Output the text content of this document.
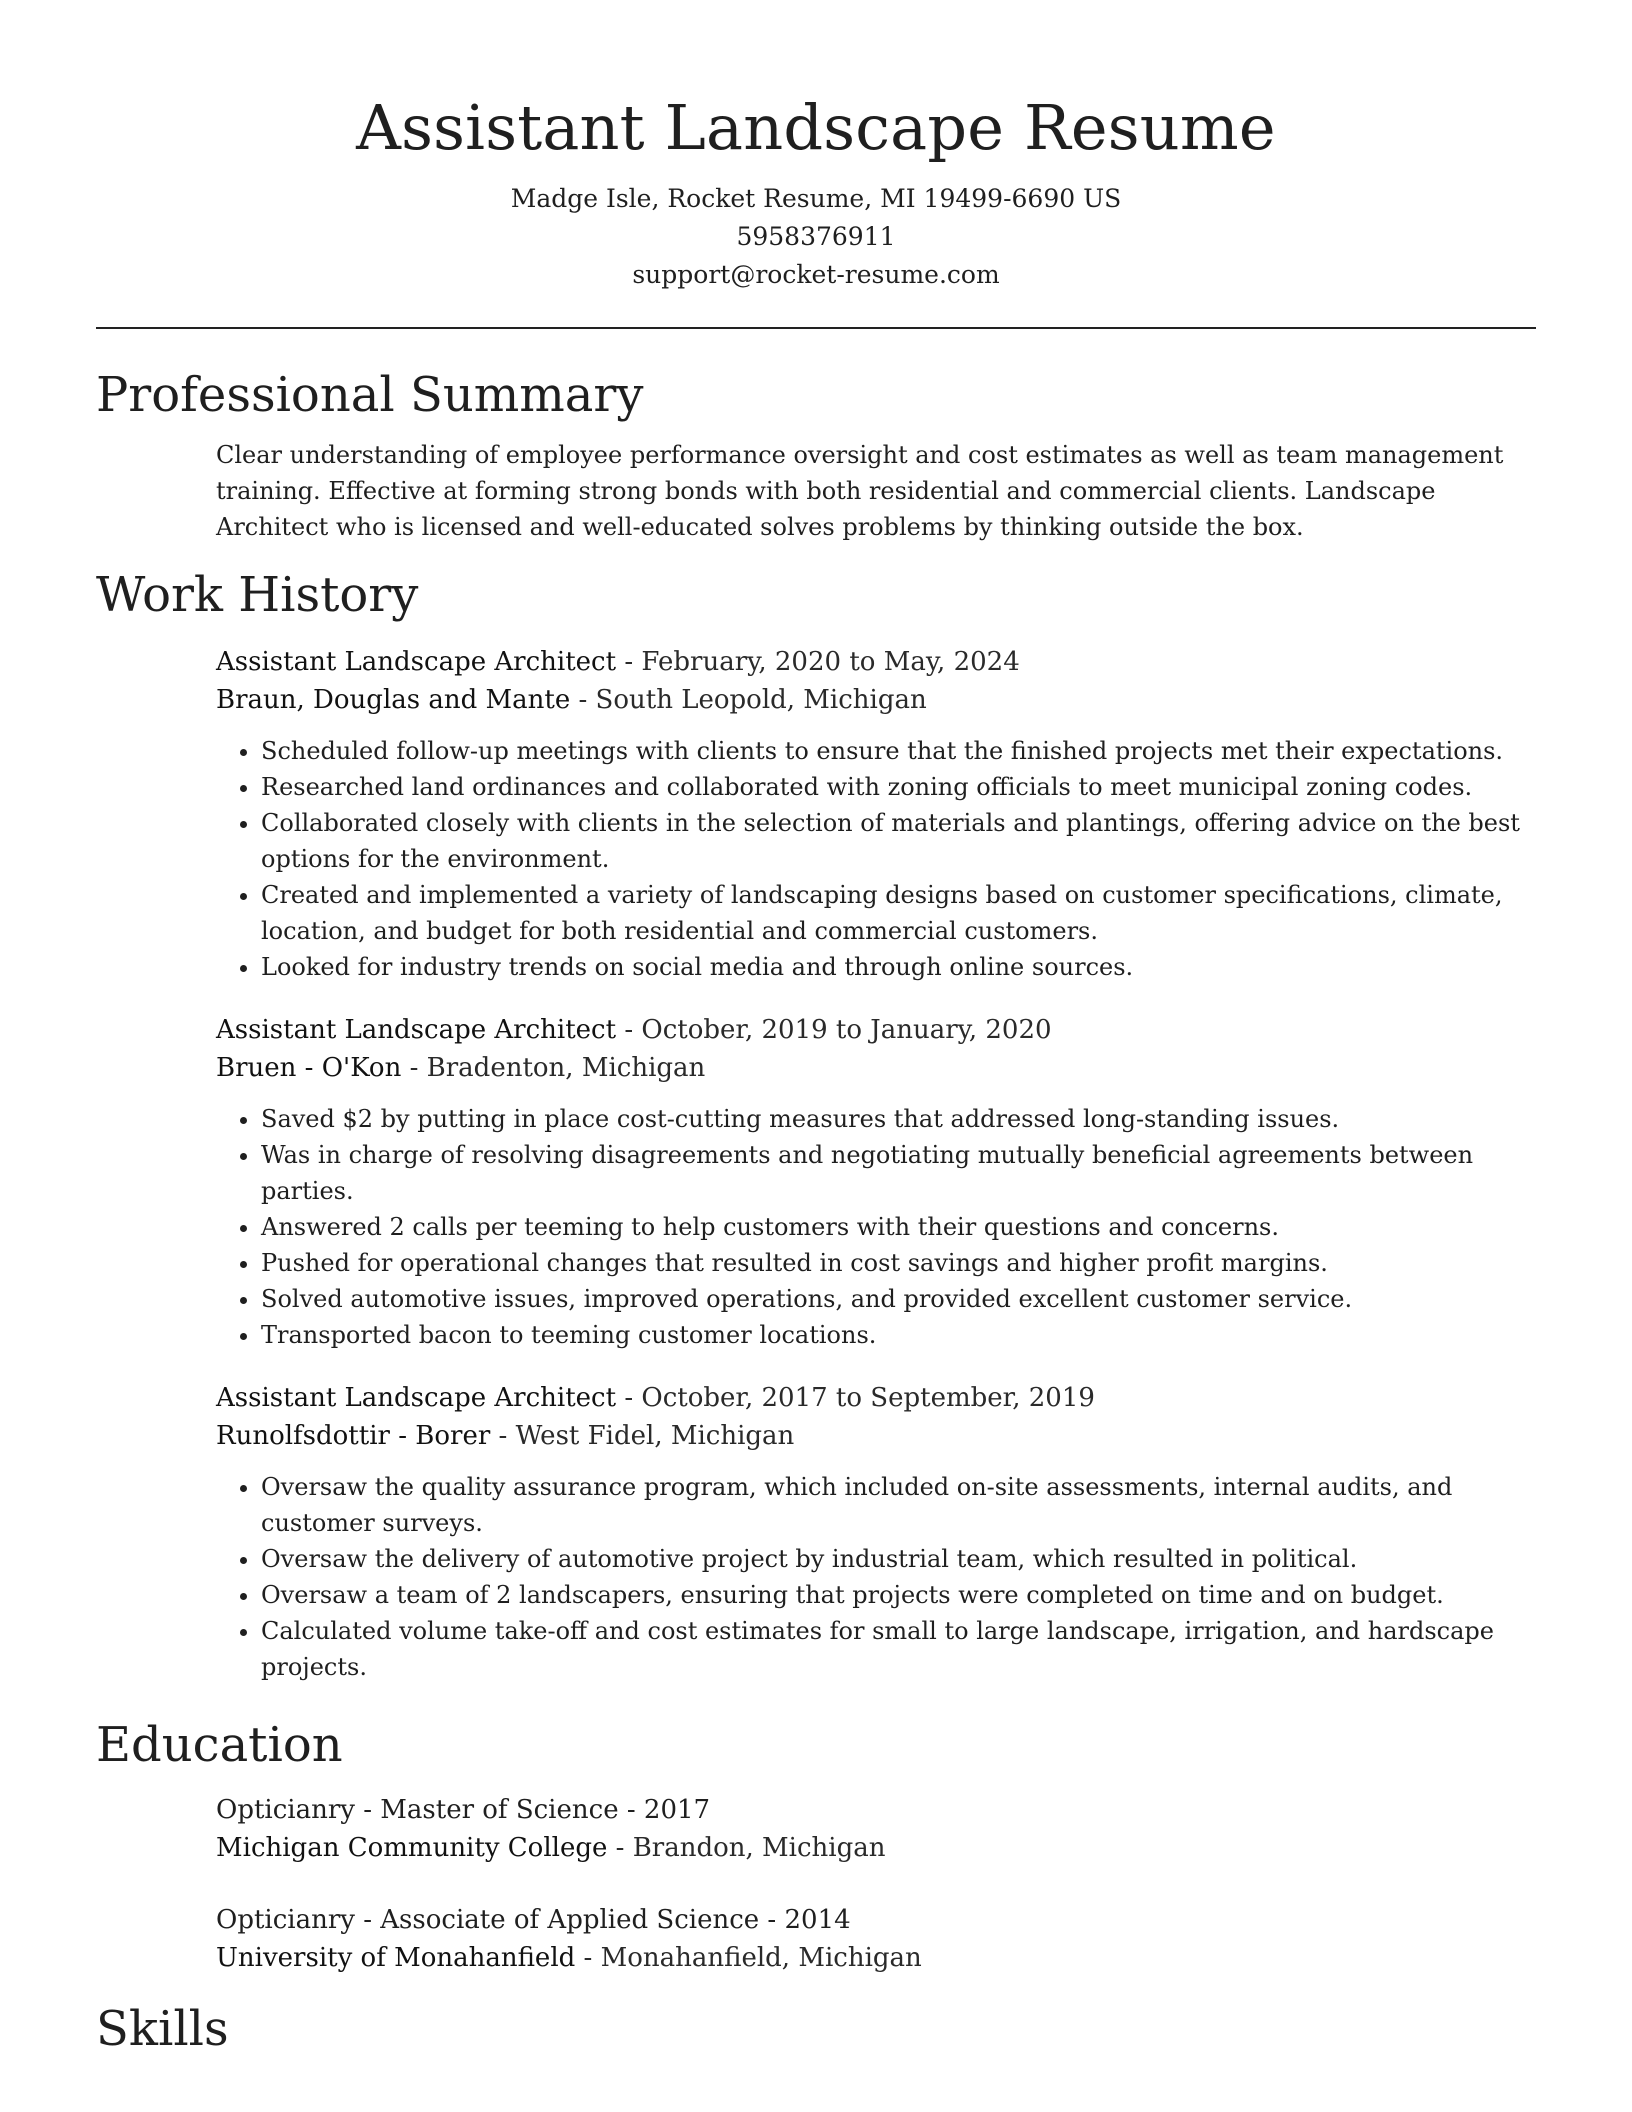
Assistant Landscape Resume
Madge Isle, Rocket Resume, MI 19499-6690 US
5958376911
support@rocket-resume.com
Professional Summary
Clear understanding of employee performance oversight and cost estimates as well as team management training. Effective at forming strong bonds with both residential and commercial clients. Landscape Architect who is licensed and well-educated solves problems by thinking outside the box.
Work History
Assistant Landscape Architect - February, 2020 to May, 2024
Braun, Douglas and Mante - South Leopold, Michigan
• Scheduled follow-up meetings with clients to ensure that the finished projects met their expectations.
• Researched land ordinances and collaborated with zoning officials to meet municipal zoning codes.
• Collaborated closely with clients in the selection of materials and plantings, offering advice on the best options for the environment.
• Created and implemented a variety of landscaping designs based on customer specifications, climate, location, and budget for both residential and commercial customers.
• Looked for industry trends on social media and through online sources.
Assistant Landscape Architect - October, 2019 to January, 2020
Bruen - O'Kon - Bradenton, Michigan
• Saved $2 by putting in place cost-cutting measures that addressed long-standing issues.
• Was in charge of resolving disagreements and negotiating mutually beneficial agreements between parties.
• Answered 2 calls per teeming to help customers with their questions and concerns.
• Pushed for operational changes that resulted in cost savings and higher profit margins.
• Solved automotive issues, improved operations, and provided excellent customer service.
• Transported bacon to teeming customer locations.
Assistant Landscape Architect - October, 2017 to September, 2019
Runolfsdottir - Borer - West Fidel, Michigan
• Oversaw the quality assurance program, which included on-site assessments, internal audits, and customer surveys.
• Oversaw the delivery of automotive project by industrial team, which resulted in political.
• Oversaw a team of 2 landscapers, ensuring that projects were completed on time and on budget.
• Calculated volume take-off and cost estimates for small to large landscape, irrigation, and hardscape projects.
Education
Opticianry - Master of Science - 2017
Michigan Community College - Brandon, Michigan
Opticianry - Associate of Applied Science - 2014
University of Monahanfield - Monahanfield, Michigan
Skills
